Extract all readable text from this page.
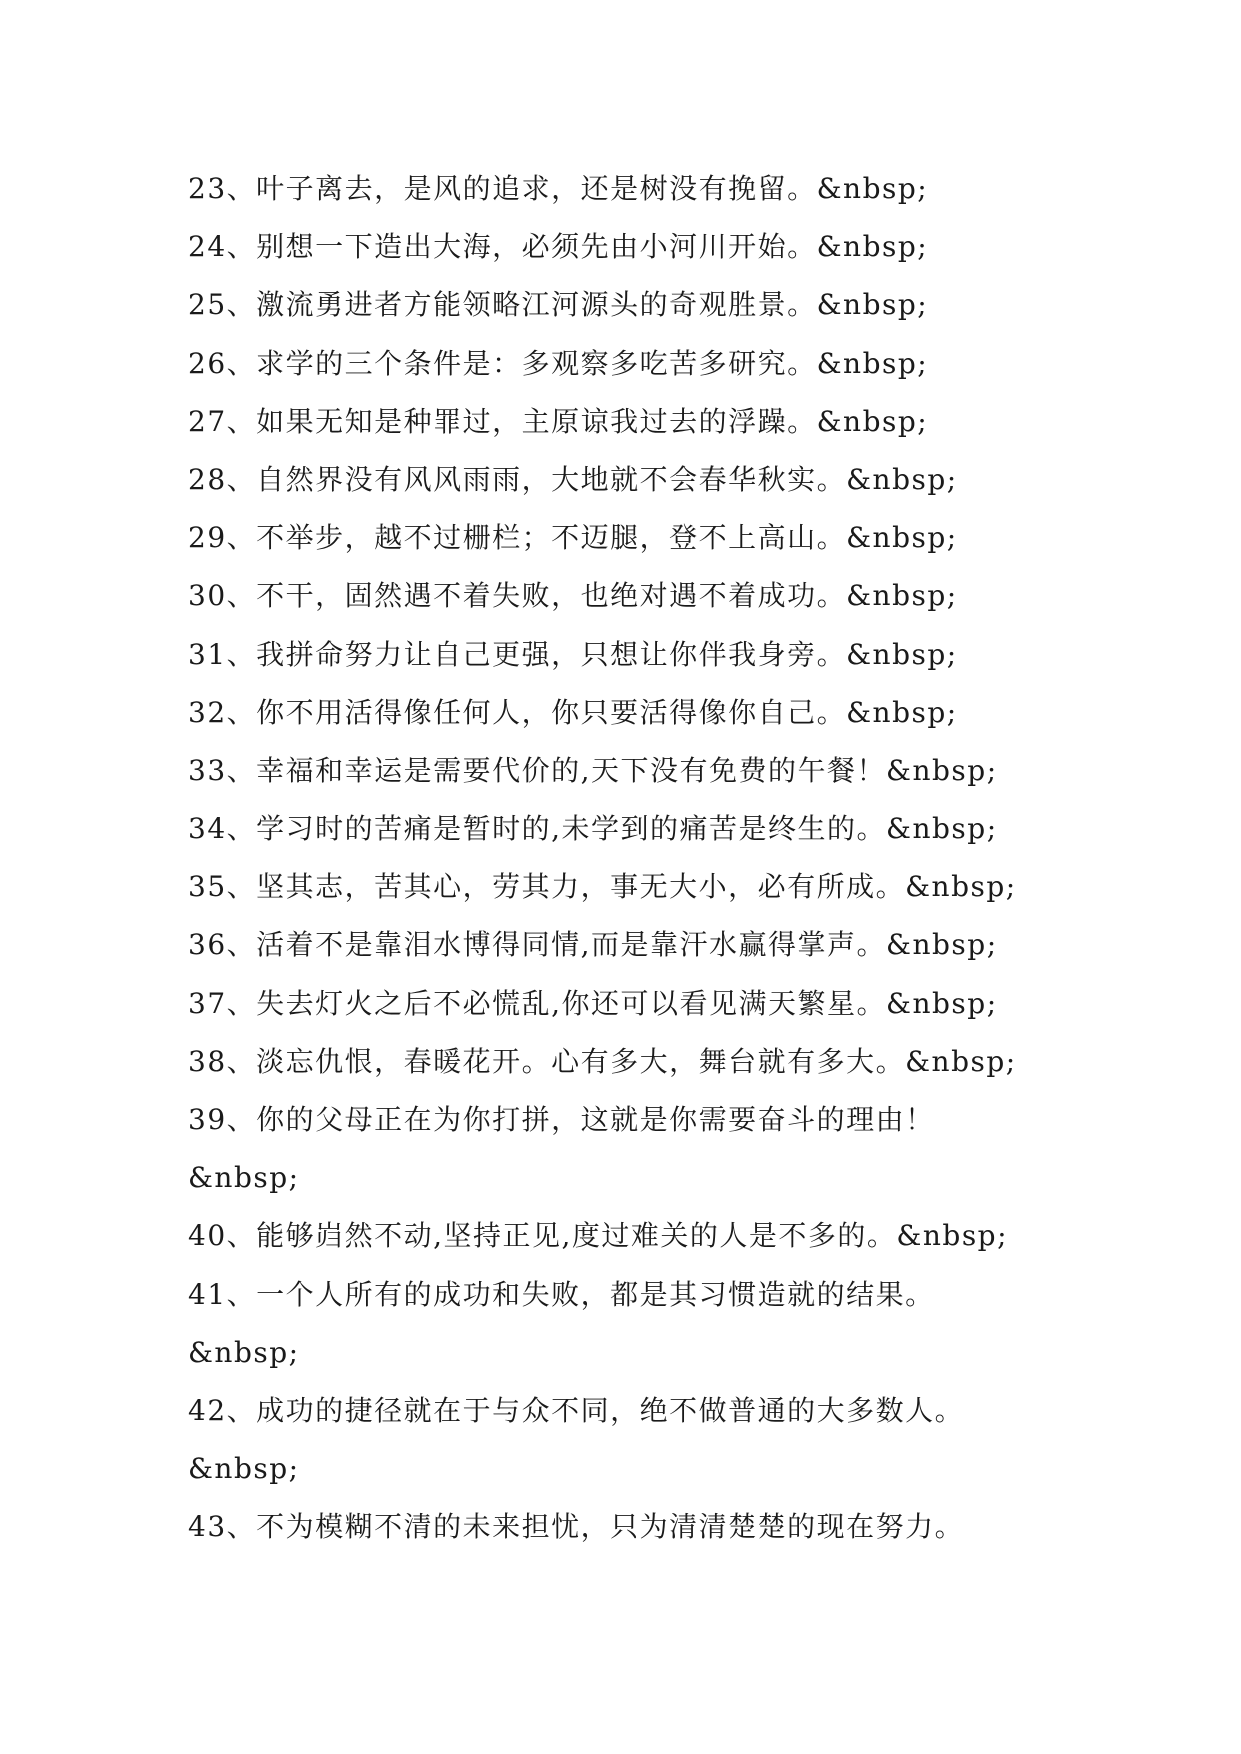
23、叶子离去，是风的追求，还是树没有挽留。&nbsp;
24、别想一下造出大海，必须先由小河川开始。&nbsp;
25、激流勇进者方能领略江河源头的奇观胜景。&nbsp;
26、求学的三个条件是：多观察多吃苦多研究。&nbsp;
27、如果无知是种罪过，主原谅我过去的浮躁。&nbsp;
28、自然界没有风风雨雨，大地就不会春华秋实。&nbsp;
29、不举步，越不过栅栏；不迈腿，登不上高山。&nbsp;
30、不干，固然遇不着失败，也绝对遇不着成功。&nbsp;
31、我拼命努力让自己更强，只想让你伴我身旁。&nbsp;
32、你不用活得像任何人，你只要活得像你自己。&nbsp;
33、幸福和幸运是需要代价的,天下没有免费的午餐！&nbsp;
34、学习时的苦痛是暂时的,未学到的痛苦是终生的。&nbsp;
35、坚其志，苦其心，劳其力，事无大小，必有所成。&nbsp;
36、活着不是靠泪水博得同情,而是靠汗水赢得掌声。&nbsp;
37、失去灯火之后不必慌乱,你还可以看见满天繁星。&nbsp;
38、淡忘仇恨，春暖花开。心有多大，舞台就有多大。&nbsp;
39、你的父母正在为你打拼，这就是你需要奋斗的理由！
&nbsp;
40、能够岿然不动,坚持正见,度过难关的人是不多的。&nbsp;
41、一个人所有的成功和失败，都是其习惯造就的结果。
&nbsp;
42、成功的捷径就在于与众不同，绝不做普通的大多数人。
&nbsp;
43、不为模糊不清的未来担忧，只为清清楚楚的现在努力。
